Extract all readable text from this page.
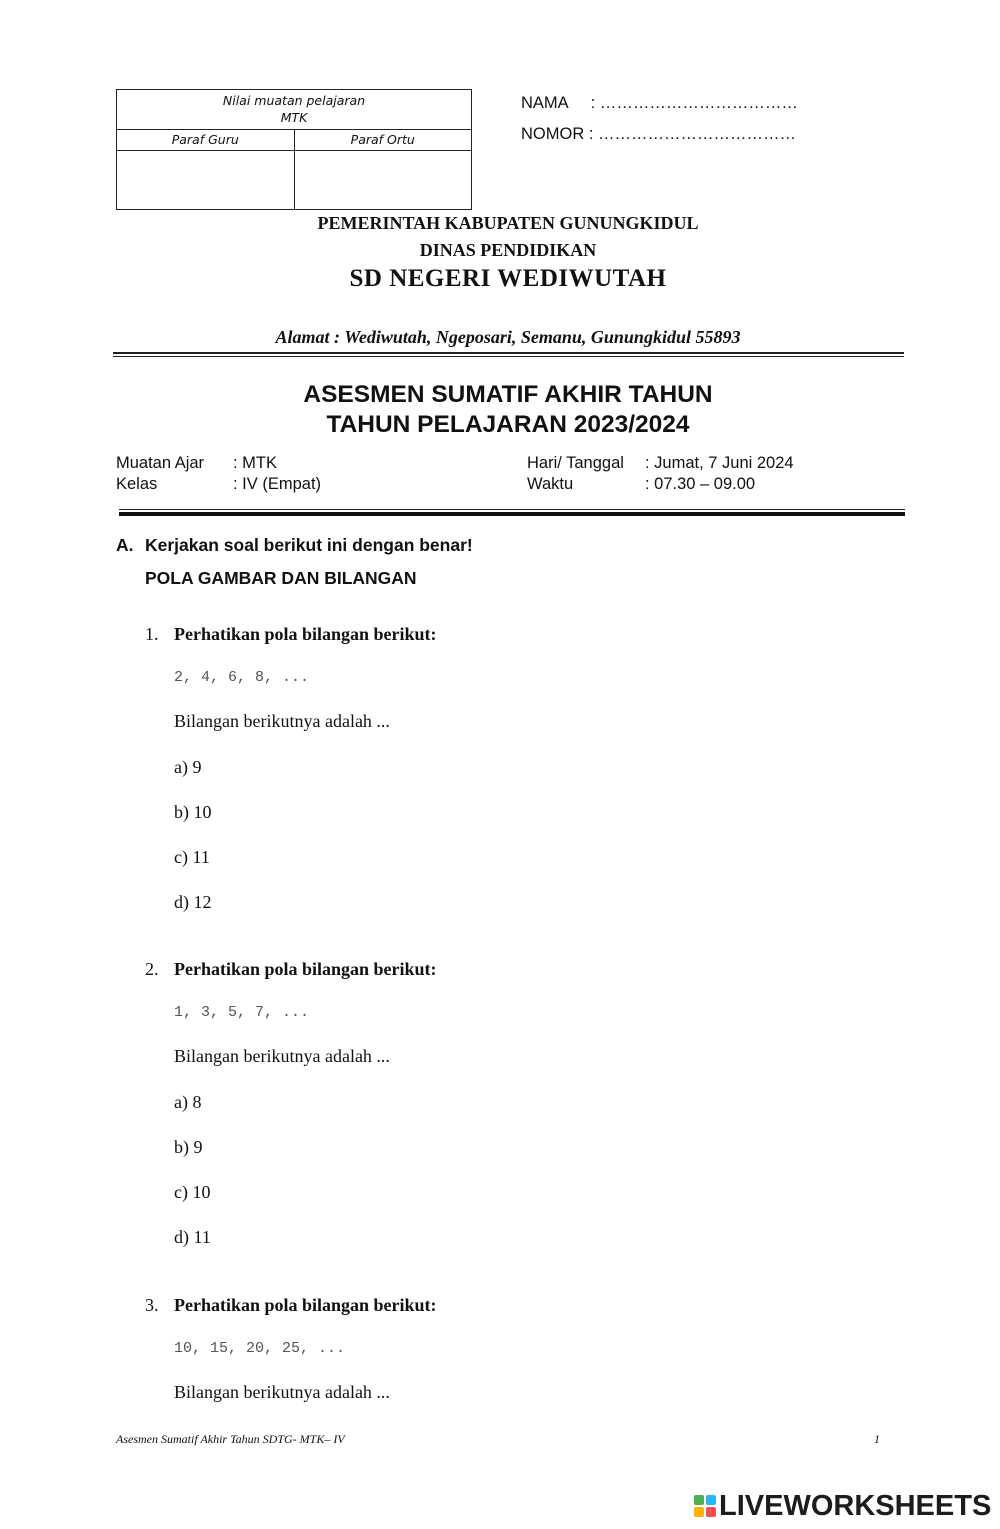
Nilai muatan pelajaran
MTK
Paraf Guru	Paraf Ortu
NAMA     : ………………………………
NOMOR : ………………………………
PEMERINTAH KABUPATEN GUNUNGKIDUL
DINAS PENDIDIKAN
SD NEGERI WEDIWUTAH
Alamat : Wediwutah, Ngeposari, Semanu, Gunungkidul 55893
ASESMEN SUMATIF AKHIR TAHUN
TAHUN PELAJARAN 2023/2024
Muatan Ajar : MTK
Kelas	: IV (Empat)
Hari/ Tanggal : Jumat, 7 Juni 2024
Waktu	: 07.30 – 09.00
A. Kerjakan soal berikut ini dengan benar!
POLA GAMBAR DAN BILANGAN
1. Perhatikan pola bilangan berikut:
2, 4, 6, 8, ...
Bilangan berikutnya adalah ...
a) 9
b) 10
c) 11
d) 12
2. Perhatikan pola bilangan berikut:
1, 3, 5, 7, ...
Bilangan berikutnya adalah ...
a) 8
b) 9
c) 10
d) 11
3. Perhatikan pola bilangan berikut:
10, 15, 20, 25, ...
Bilangan berikutnya adalah ...
Asesmen Sumatif Akhir Tahun SDTG- MTK– IV	1
LIVEWORKSHEETS
